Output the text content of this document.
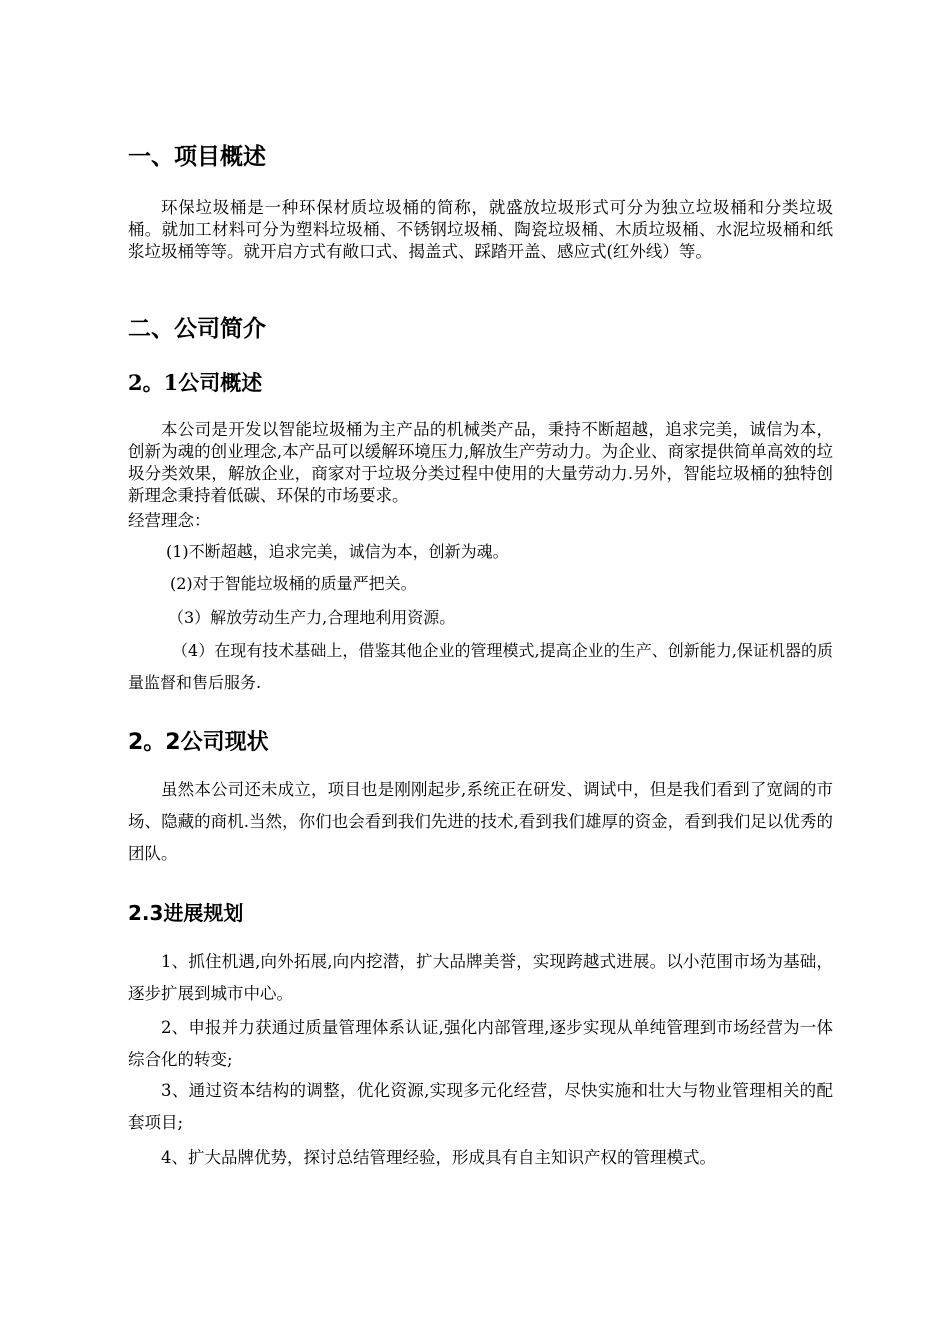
一、项目概述

环保垃圾桶是一种环保材质垃圾桶的简称，就盛放垃圾形式可分为独立垃圾桶和分类垃圾桶。就加工材料可分为塑料垃圾桶、不锈钢垃圾桶、陶瓷垃圾桶、木质垃圾桶、水泥垃圾桶和纸浆垃圾桶等等。就开启方式有敞口式、揭盖式、踩踏开盖、感应式(红外线）等。

二、公司简介
2。1公司概述

本公司是开发以智能垃圾桶为主产品的机械类产品，秉持不断超越，追求完美，诚信为本，创新为魂的创业理念,本产品可以缓解环境压力,解放生产劳动力。为企业、商家提供简单高效的垃圾分类效果，解放企业，商家对于垃圾分类过程中使用的大量劳动力.另外，智能垃圾桶的独特创新理念秉持着低碳、环保的市场要求。

经营理念：

(1)不断超越，追求完美，诚信为本，创新为魂。

(2)对于智能垃圾桶的质量严把关。

（3）解放劳动生产力,合理地利用资源。

（4）在现有技术基础上，借鉴其他企业的管理模式,提高企业的生产、创新能力,保证机器的质量监督和售后服务.

2。2公司现状

虽然本公司还未成立，项目也是刚刚起步,系统正在研发、调试中，但是我们看到了宽阔的市场、隐藏的商机.当然，你们也会看到我们先进的技术,看到我们雄厚的资金，看到我们足以优秀的团队。

2.3进展规划

1、抓住机遇,向外拓展,向内挖潜，扩大品牌美誉，实现跨越式进展。以小范围市场为基础，逐步扩展到城市中心。

2、申报并力获通过质量管理体系认证,强化内部管理,逐步实现从单纯管理到市场经营为一体综合化的转变;

3、通过资本结构的调整，优化资源,实现多元化经营，尽快实施和壮大与物业管理相关的配套项目;

4、扩大品牌优势，探讨总结管理经验，形成具有自主知识产权的管理模式。
